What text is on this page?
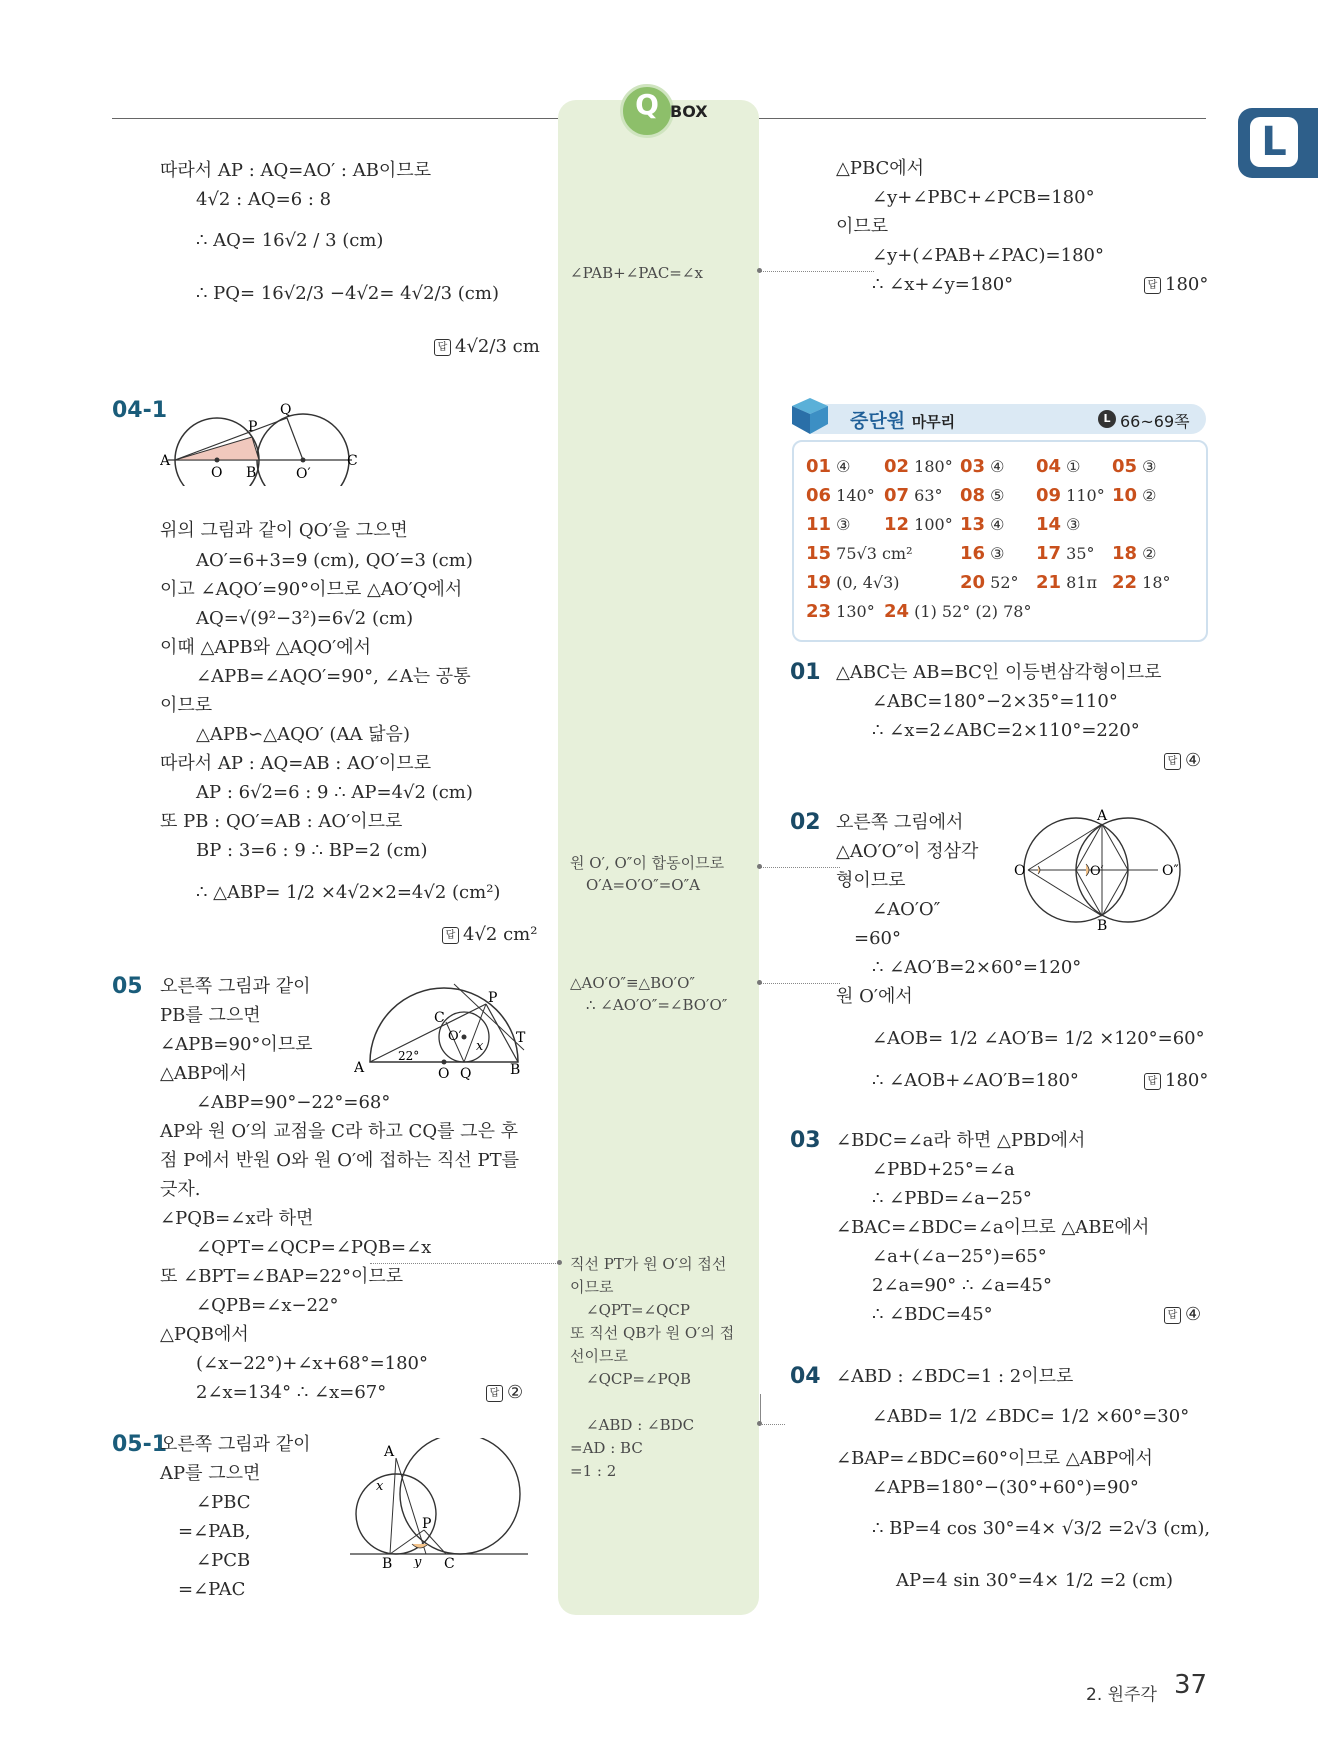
Q BOX
L
따라서 AP : AQ=AO′ : AB이므로
4√2 : AQ=6 : 8
∴ AQ= 16√2 / 3 (cm)
∴ PQ= 16√2/3 −4√2= 4√2/3 (cm)
답 4√2/3 cm
04-1
P
Q
A
O B	O′
C
위의 그림과 같이 QO′을 그으면
AO′=6+3=9 (cm), QO′=3 (cm)
이고 ∠AQO′=90°이므로 △AO′Q에서
AQ=√(9²−3²)=6√2 (cm)
이때 △APB와 △AQO′에서
∠APB=∠AQO′=90°, ∠A는 공통
이므로
△APB∽△AQO′ (AA 닮음)
따라서 AP : AQ=AB : AO′이므로
AP : 6√2=6 : 9 ∴ AP=4√2 (cm)
또 PB : QO′=AB : AO′이므로
BP : 3=6 : 9 ∴ BP=2 (cm)
∴ △ABP= 1/2 ×4√2×2=4√2 (cm²)
답 4√2 cm²
05 오른쪽 그림과 같이
PB를 그으면
∠APB=90°이므로
△ABP에서
P
C
O′	T
22°
x
A	O Q	B
∠ABP=90°−22°=68°
AP와 원 O′의 교점을 C라 하고 CQ를 그은 후
점 P에서 반원 O와 원 O′에 접하는 직선 PT를
긋자.
∠PQB=∠x라 하면
∠QPT=∠QCP=∠PQB=∠x
또 ∠BPT=∠BAP=22°이므로
∠QPB=∠x−22°
△PQB에서
(∠x−22°)+∠x+68°=180°
2∠x=134° ∴ ∠x=67°	답 ②
05-1
오른쪽 그림과 같이
AP를 그으면
∠PBC
=∠PAB,
∠PCB
=∠PAC
A
x
P
B y C
∠PAB+∠PAC=∠x
원 O′, O″이 합동이므로
O′A=O′O″=O″A
△AO′O″≡△BO′O″
∴ ∠AO′O″=∠BO′O″
직선 PT가 원 O′의 접선
이므로
∠QPT=∠QCP
또 직선 QB가 원 O′의 접
선이므로
∠QCP=∠PQB
∠ABD : ∠BDC
=AD : BC
=1 : 2
△PBC에서
∠y+∠PBC+∠PCB=180°
이므로
∠y+(∠PAB+∠PAC)=180°
∴ ∠x+∠y=180°	답 180°
중단원 마무리	L 66~69쪽
01 ④ 02 180° 03 ④ 04 ① 05 ③
06 140° 07 63° 08 ⑤ 09 110° 10 ②
11 ③ 12 100° 13 ④ 14 ③
15 75√3 cm²	16 ③ 17 35° 18 ②
19 (0, 4√3)	20 52° 21 81π 22 18°
23 130° 24 (1) 52° (2) 78°
01 △ABC는 AB=BC인 이등변삼각형이므로
∠ABC=180°−2×35°=110°
∴ ∠x=2∠ABC=2×110°=220°
답 ④
02 오른쪽 그림에서
△AO′O″이 정삼각
형이므로
∠AO′O″
=60°
∴ ∠AO′B=2×60°=120°
원 O′에서
∠AOB= 1/2 ∠AO′B= 1/2 ×120°=60°
∴ ∠AOB+∠AO′B=180°	답 180°
A
O	O′	O″
B
03 ∠BDC=∠a라 하면 △PBD에서
∠PBD+25°=∠a
∴ ∠PBD=∠a−25°
∠BAC=∠BDC=∠a이므로 △ABE에서
∠a+(∠a−25°)=65°
2∠a=90° ∴ ∠a=45°
∴ ∠BDC=45°	답 ④
04 ∠ABD : ∠BDC=1 : 2이므로
∠ABD= 1/2 ∠BDC= 1/2 ×60°=30°
∠BAP=∠BDC=60°이므로 △ABP에서
∠APB=180°−(30°+60°)=90°
∴ BP=4 cos 30°=4× √3/2 =2√3 (cm),
AP=4 sin 30°=4× 1/2 =2 (cm)
2. 원주각 37
